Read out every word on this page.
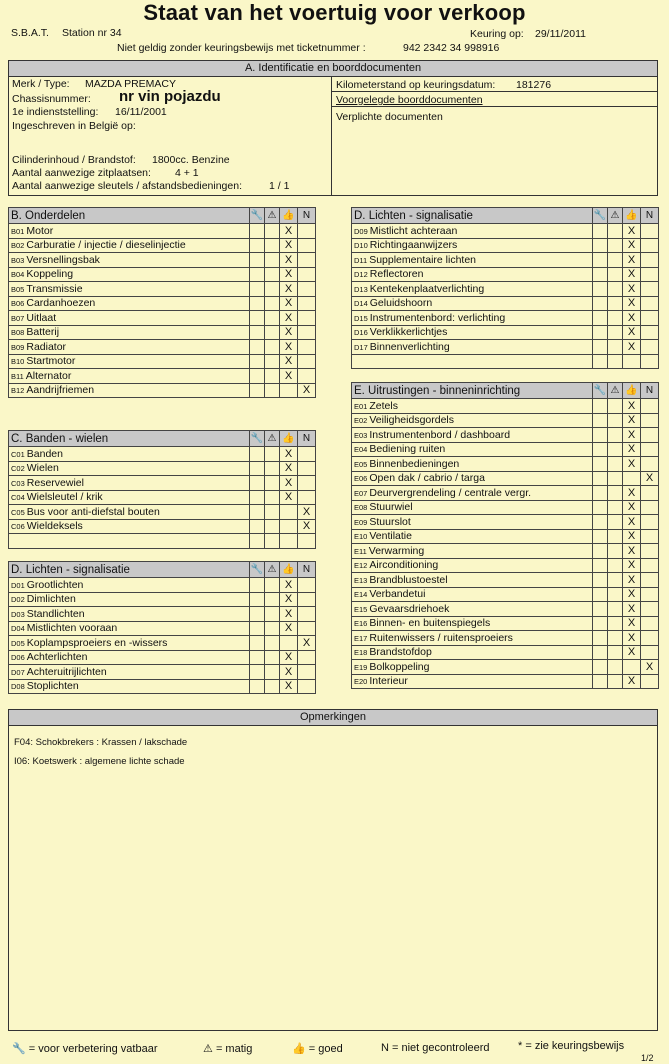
Staat van het voertuig voor verkoop
S.B.A.T. Station nr 34	Keuring op: 29/11/2011
Niet geldig zonder keuringsbewijs met ticketnummer :	942 2342 34 998916
A. Identificatie en boorddocumenten
Merk / Type: MAZDA PREMACY
Chassisnummer: nr vin pojazdu
1e indienststelling: 16/11/2001
Ingeschreven in België op:
Cilinderinhoud / Brandstof: 1800cc. Benzine
Aantal aanwezige zitplaatsen: 4 + 1
Aantal aanwezige sleutels / afstandsbedieningen:	1 / 1
Kilometerstand op keuringsdatum: 181276
Voorgelegde boorddocumenten
Verplichte documenten
B. Onderdelen	🔧	⚠	👍	N
B01 Motor			X	
B02 Carburatie / injectie / dieselinjectie			X	
B03 Versnellingsbak			X	
B04 Koppeling			X	
B05 Transmissie			X	
B06 Cardanhoezen			X	
B07 Uitlaat			X	
B08 Batterij			X	
B09 Radiator			X	
B10 Startmotor			X	
B11 Alternator			X	
B12 Aandrijfriemen				X
C. Banden - wielen	🔧	⚠	👍	N
C01 Banden			X	
C02 Wielen			X	
C03 Reservewiel			X	
C04 Wielsleutel / krik			X	
C05 Bus voor anti-diefstal bouten				X
C06 Wieldeksels				X

D. Lichten - signalisatie	🔧	⚠	👍	N
D01 Grootlichten			X	
D02 Dimlichten			X	
D03 Standlichten			X	
D04 Mistlichten vooraan			X	
D05 Koplampsproeiers en -wissers				X
D06 Achterlichten			X	
D07 Achteruitrijlichten			X	
D08 Stoplichten			X	
D. Lichten - signalisatie	🔧	⚠	👍	N
D09 Mistlicht achteraan			X	
D10 Richtingaanwijzers			X	
D11 Supplementaire lichten			X	
D12 Reflectoren			X	
D13 Kentekenplaatverlichting			X	
D14 Geluidshoorn			X	
D15 Instrumentenbord: verlichting			X	
D16 Verklikkerlichtjes			X	
D17 Binnenverlichting			X	

E. Uitrustingen - binneninrichting	🔧	⚠	👍	N
E01 Zetels			X	
E02 Veiligheidsgordels			X	
E03 Instrumentenbord / dashboard			X	
E04 Bediening ruiten			X	
E05 Binnenbedieningen			X	
E06 Open dak / cabrio / targa				X
E07 Deurvergrendeling / centrale vergr.			X	
E08 Stuurwiel			X	
E09 Stuurslot			X	
E10 Ventilatie			X	
E11 Verwarming			X	
E12 Airconditioning			X	
E13 Brandblustoestel			X	
E14 Verbandetui			X	
E15 Gevaarsdriehoek			X	
E16 Binnen- en buitenspiegels			X	
E17 Ruitenwissers / ruitensproeiers			X	
E18 Brandstofdop			X	
E19 Bolkoppeling				X
E20 Interieur			X	
Opmerkingen
F04: Schokbrekers : Krassen / lakschade
I06: Koetswerk : algemene lichte schade
🔧 = voor verbetering vatbaar	⚠ = matig	👍 = goed	N = niet gecontroleerd	* = zie keuringsbewijs
1/2
